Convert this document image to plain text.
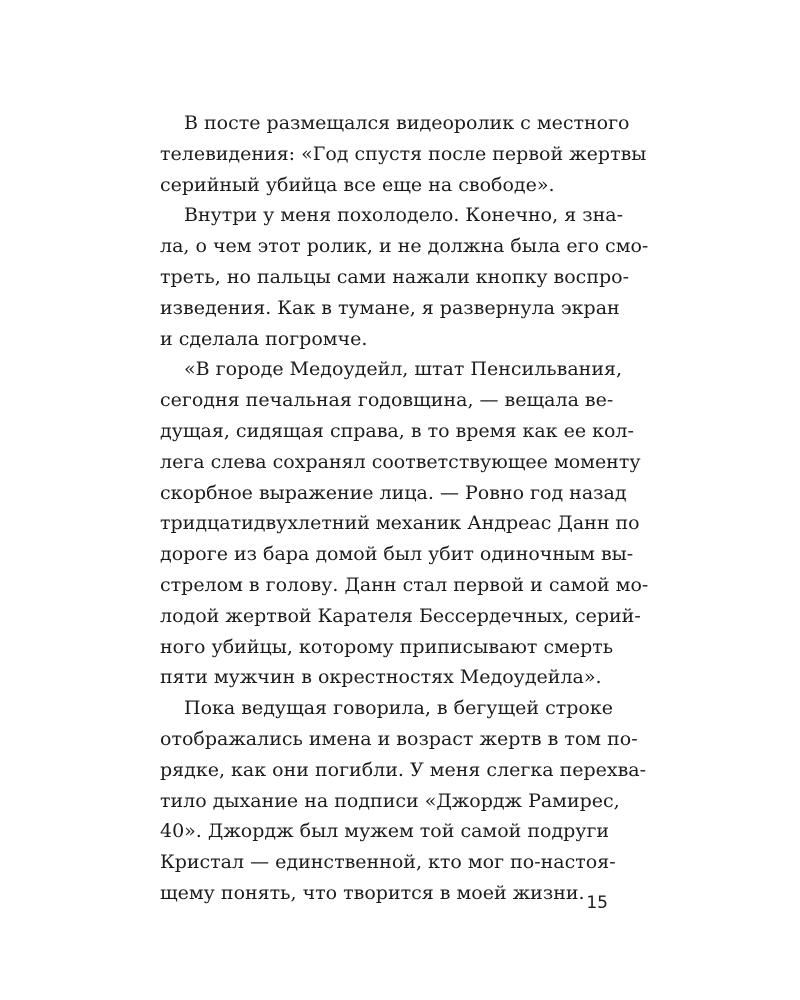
В посте размещался видеоролик с местного
телевидения: «Год спустя после первой жертвы
серийный убийца все еще на свободе».

Внутри у меня похолодело. Конечно, я зна-
ла, о чем этот ролик, и не должна была его смо-
треть, но пальцы сами нажали кнопку воспро-
изведения. Как в тумане, я развернула экран
и сделала погромче.

«В городе Медоудейл, штат Пенсильвания,
сегодня печальная годовщина, — вещала ве-
дущая, сидящая справа, в то время как ее кол-
лега слева сохранял соответствующее моменту
скорбное выражение лица. — Ровно год назад
тридцатидвухлетний механик Андреас Данн по
дороге из бара домой был убит одиночным вы-
стрелом в голову. Данн стал первой и самой мо-
лодой жертвой Карателя Бессердечных, серий-
ного убийцы, которому приписывают смерть
пяти мужчин в окрестностях Медоудейла».

Пока ведущая говорила, в бегущей строке
отображались имена и возраст жертв в том по-
рядке, как они погибли. У меня слегка перехва-
тило дыхание на подписи «Джордж Рамирес,
40». Джордж был мужем той самой подруги
Кристал — единственной, кто мог по-настоя-
щему понять, что творится в моей жизни. 15
